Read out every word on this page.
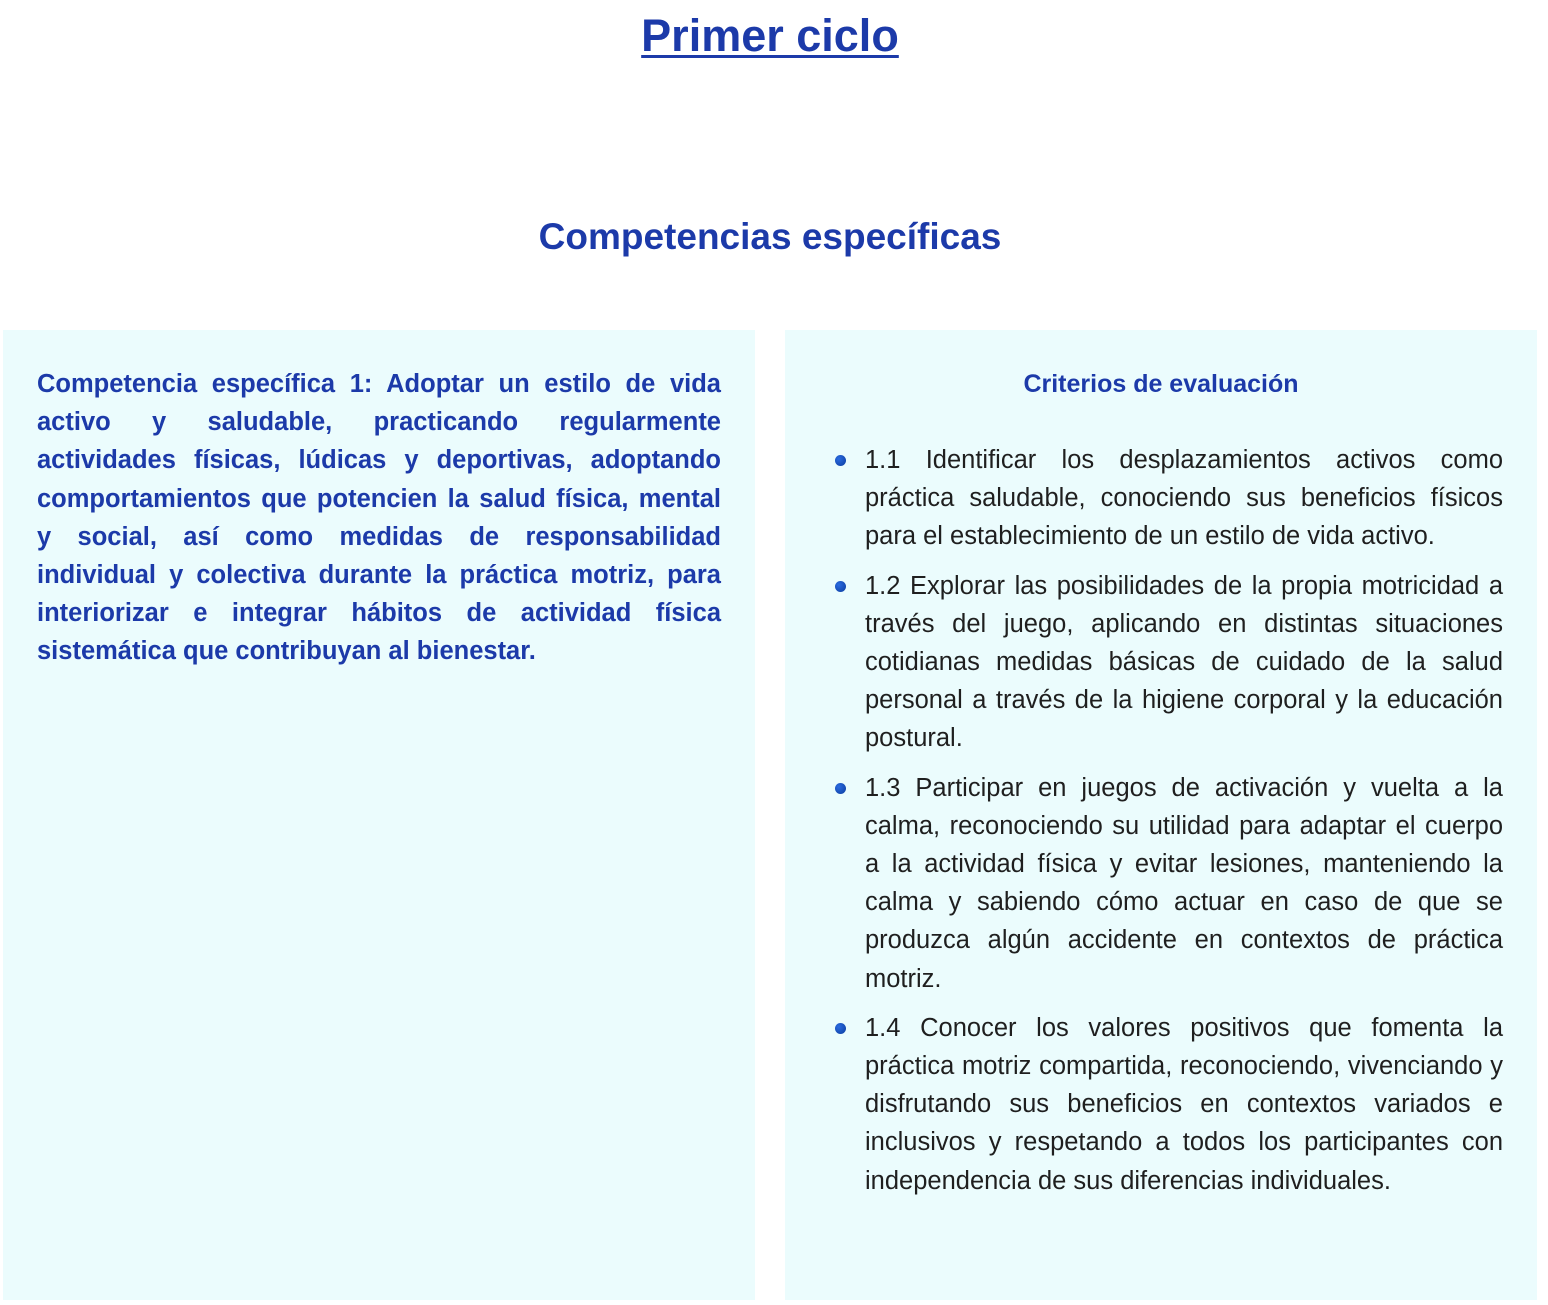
Primer ciclo
Competencias específicas

Competencia específica 1: Adoptar un estilo de vida activo y saludable, practicando regularmente actividades físicas, lúdicas y deportivas, adoptando comportamientos que potencien la salud física, mental y social, así como medidas de responsabilidad individual y colectiva durante la práctica motriz, para interiorizar e integrar hábitos de actividad física sistemática que contribuyan al bienestar.

Criterios de evaluación
1.1 Identificar los desplazamientos activos como práctica saludable, conociendo sus beneficios físicos para el establecimiento de un estilo de vida activo.
1.2 Explorar las posibilidades de la propia motricidad a través del juego, aplicando en distintas situaciones cotidianas medidas básicas de cuidado de la salud personal a través de la higiene corporal y la educación postural.
1.3 Participar en juegos de activación y vuelta a la calma, reconociendo su utilidad para adaptar el cuerpo a la actividad física y evitar lesiones, manteniendo la calma y sabiendo cómo actuar en caso de que se produzca algún accidente en contextos de práctica motriz.
1.4 Conocer los valores positivos que fomenta la práctica motriz compartida, reconociendo, vivenciando y disfrutando sus beneficios en contextos variados e inclusivos y respetando a todos los participantes con independencia de sus diferencias individuales.
